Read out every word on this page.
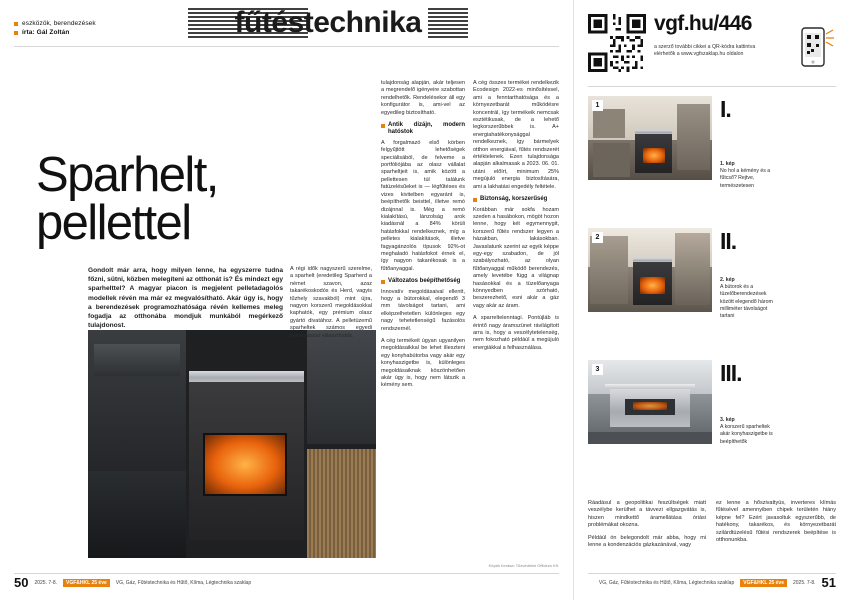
eszközök, berendezések
írta: Gál Zoltán	fűtéstechnika
Sparhelt,
pellettel
Gondolt már arra, hogy milyen lenne, ha egyszerre tudna főzni, sütni, közben melegíteni az otthonát is? És mindezt egy sparhelttel? A magyar piacon is megjelent pelletadagolós modellek révén ma már ez megvalósítható. Akár úgy is, hogy a berendezések programozhatósága révén kellemes meleg fogadja az otthonába mondjuk munkából megérkező tulajdonost.

A régi idők nagyszerű szerelme, a sparhelt (eredetileg Sparherd a német szavon, azaz takarékoskodós és Herd, vagyis tűzhely szavakból) mint újra, nagyon korszerű megoldásokkal kaphatók, egy prémium olasz gyártó divatához. A pelletüzemű sparheltek számos egyedi kialakítással választhatók.

tulajdonság alapján, akár teljesen a megrendelő igényeire szabottan rendelhetők. Rendelésekor áll egy konfigurátor is, ami-vel az egyedileg biztosítható.

Antik dizájn, modern hatóstok

A forgalmazó első körben felgyűjtött lehetőségek speciálisából, de felveme a portfóliójába az olasz vállalat sparheltjeit is, amik között a pellettesen túl találunk fatüzelésűeket is — légfűtéses és vizes kivitelben egyaránt is, beépíthetők beisttel, illetve remó dizájnnal is. Még a remó kialakítású, lánzolság arok kiadásnál a 84% körüli hatásfokkal rendelkeznek, míg a pelletes kialakítások, illetve fagyagánzolós típusok 92%-ot meghaladó hatásfokot érnek el, így nagyon takarékosak is a fűtőanyaggal.

Változatos beépíthetőség

Innovatív megoldásaival ellentt, hogy a bútorokkal, elegendő 3 mm távolságot tartani, ami elképzelhetetlen különleges egy nagy tehetetlenségű fazásolós rendszernél.

A cég termékeit úgyan ugyanilyen megoldásaikkal be lehet illeszteni egy konyhabútorba vagy akár egy konyhaszigetbe is, különleges megoldásaiknak köszönhetően akár úgy is, hogy nem látszik a kémény sem.

A cég összes termékei rendelkezik Ecodesign 2022-es minősítéssel, ami a fenntarthatósága és a környezetbarát működésre koncentrál, így termékeik nemcsak esztétikusak, de a lehető legkorszerűbbek is. A+ energiahatékonysággal rendelkeznek, így bármelyek otthon energiával, fűtés rendszerét értéktelenek. Ezen tulajdonsága alapján alkalmasak a 2023. 06. 01. utáni előírt, minimum 25% megújuló energia biztosítására, ami a lakhatási engedély feltétele.

Biztonság, korszerűség

Korábban már sokfa hozam szeden a hasábokon, mögöt hozon lenne, hogy két egymennygit, korszerű fűtés rendszer legyen a házakban, lakásokban. Javaslatunk szerint az egyik képpe egy-egy szabadon, de jól szabályozható, az olyan fűtőanyaggal működő berendezés, amely levetébe függ a világnap hasásokkal és a tüzelőanyaga könnyedben szórható, beszerezhető, esni akár a gáz vagy akár az áram.

A sparreltelenntagi. Pontújláb is érintő nagy áramszünet rávilágított arra is, hogy a veszélytetelenség, nem fokozható példáúl a megújuló energiákkal a felhasználása.

Képek forrása: Tűzvédelmi Officium Kft.
50 2025. 7-8.	VGF&HKL 25 éve	VG, Gáz, Fűtéstechnika és Hűtő, Klíma, Légtechnika szaklap
vgf.hu/446
a szerző további cikkei a QR-kódra kattintva elérhetők a www.vgfszaklap.hu oldalon
1	I.
1. kép
No hol a kémény és a fűtcső? Rejtve, természetesen
2	II.
2. kép
A bútorok és a tüzelőberendezések között elegendő három milliméter távolságot tartani
3	III.
3. kép
A korszerű sparheltek akár konyhaszigetbe is beépíthetők

Ráadásul a geopolitikai feszültségek miatt veszélybe kerülhet a távvezi ellgazgvátás is, hiszen mindkettő áramellátása óriási problémákat okozna.

Példáúl ón belegondolt már abba, hogy mi lenne a kondenzációs gázkazánával, vagy

ez lenne a hőszivattyús, inverteres klímás fűtésével amennyiben chipek területén hiány képne fel? Ezért javasoltuk egyszerűbb, de hatékony, takarékos, és környezetbarát szilárdtüzelésű fűtési rendszerek beépítése is otthonunkba.

VG, Gáz, Fűtéstechnika és Hűtő, Klíma, Légtechnika szaklap	VGF&HKL 25 éve	2025. 7-8. 51
